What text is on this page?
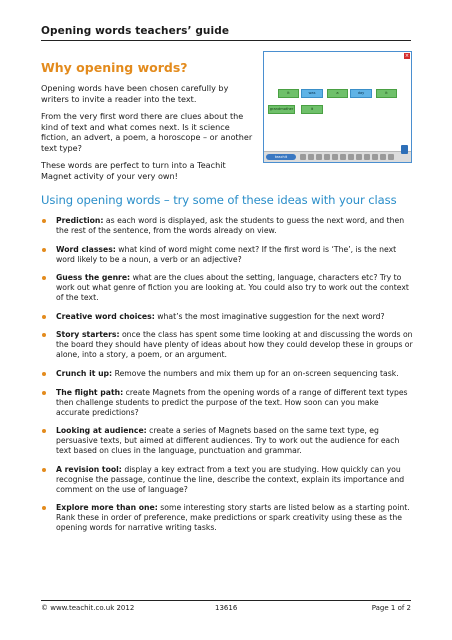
Opening words teachers’ guide
Why opening words?

Opening words have been chosen carefully by writers to invite a reader into the text.

From the very first word there are clues about the kind of text and what comes next. Is it science fiction, an advert, a poem, a horoscope – or another text type?

These words are perfect to turn into a Teachit Magnet activity of your very own!

×
it	was	a	day	it
grandmother	it
teachit
Using opening words – try some of these ideas with your class
Prediction: as each word is displayed, ask the students to guess the next word, and then the rest of the sentence, from the words already on view.
Word classes: what kind of word might come next? If the first word is ‘The’, is the next word likely to be a noun, a verb or an adjective?
Guess the genre: what are the clues about the setting, language, characters etc? Try to work out what genre of fiction you are looking at. You could also try to work out the context of the text.
Creative word choices: what’s the most imaginative suggestion for the next word?
Story starters: once the class has spent some time looking at and discussing the words on the board they should have plenty of ideas about how they could develop these in groups or alone, into a story, a poem, or an argument.
Crunch it up: Remove the numbers and mix them up for an on-screen sequencing task.
The flight path: create Magnets from the opening words of a range of different text types then challenge students to predict the purpose of the text. How soon can you make accurate predictions?
Looking at audience: create a series of Magnets based on the same text type, eg persuasive texts, but aimed at different audiences. Try to work out the audience for each text based on clues in the language, punctuation and grammar.
A revision tool: display a key extract from a text you are studying. How quickly can you recognise the passage, continue the line, describe the context, explain its importance and comment on the use of language?
Explore more than one: some interesting story starts are listed below as a starting point. Rank these in order of preference, make predictions or spark creativity using these as the opening words for narrative writing tasks.
© www.teachit.co.uk 2012	13616	Page 1 of 2
